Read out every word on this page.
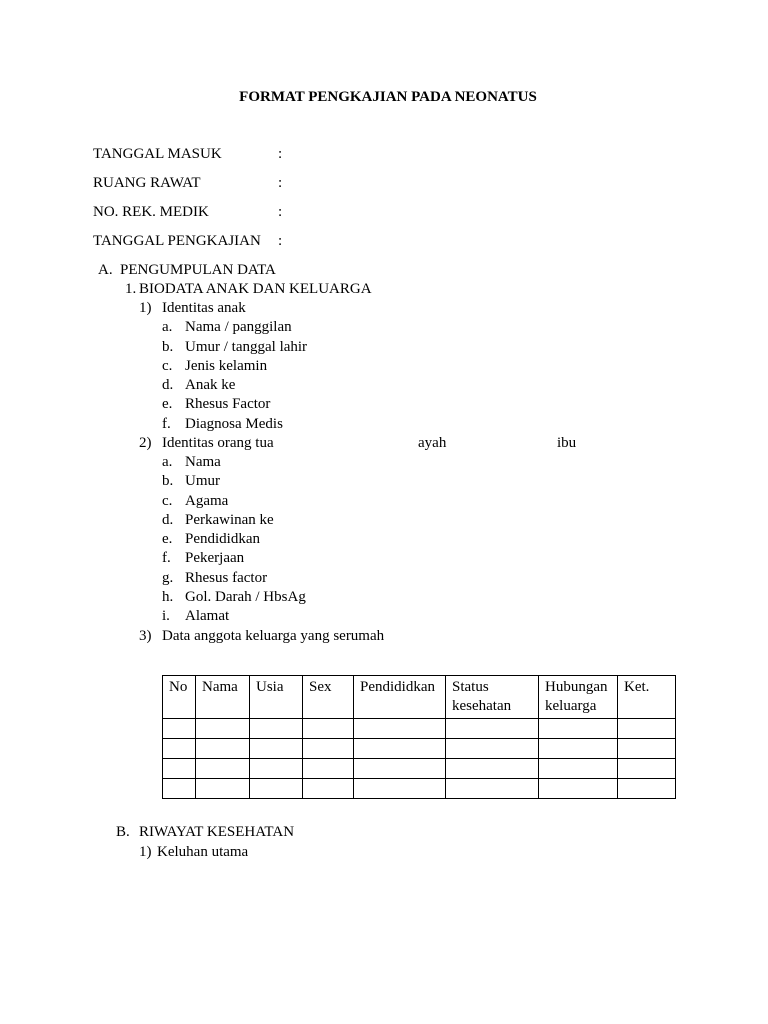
FORMAT PENGKAJIAN PADA NEONATUS
TANGGAL MASUK	:
RUANG RAWAT	:
NO. REK. MEDIK	:
TANGGAL PENGKAJIAN :
A. PENGUMPULAN DATA
1. BIODATA ANAK DAN KELUARGA
1) Identitas anak
a. Nama / panggilan
b. Umur / tanggal lahir
c. Jenis kelamin
d. Anak ke
e. Rhesus Factor
f. Diagnosa Medis
2) Identitas orang tua	ayah	ibu
a. Nama
b. Umur
c. Agama
d. Perkawinan ke
e. Pendididkan
f. Pekerjaan
g. Rhesus factor
h. Gol. Darah / HbsAg
i. Alamat
3) Data anggota keluarga yang serumah
No	Nama	Usia	Sex	Pendididkan	Status kesehatan	Hubungan keluarga	Ket.

B. RIWAYAT KESEHATAN
1) Keluhan utama
